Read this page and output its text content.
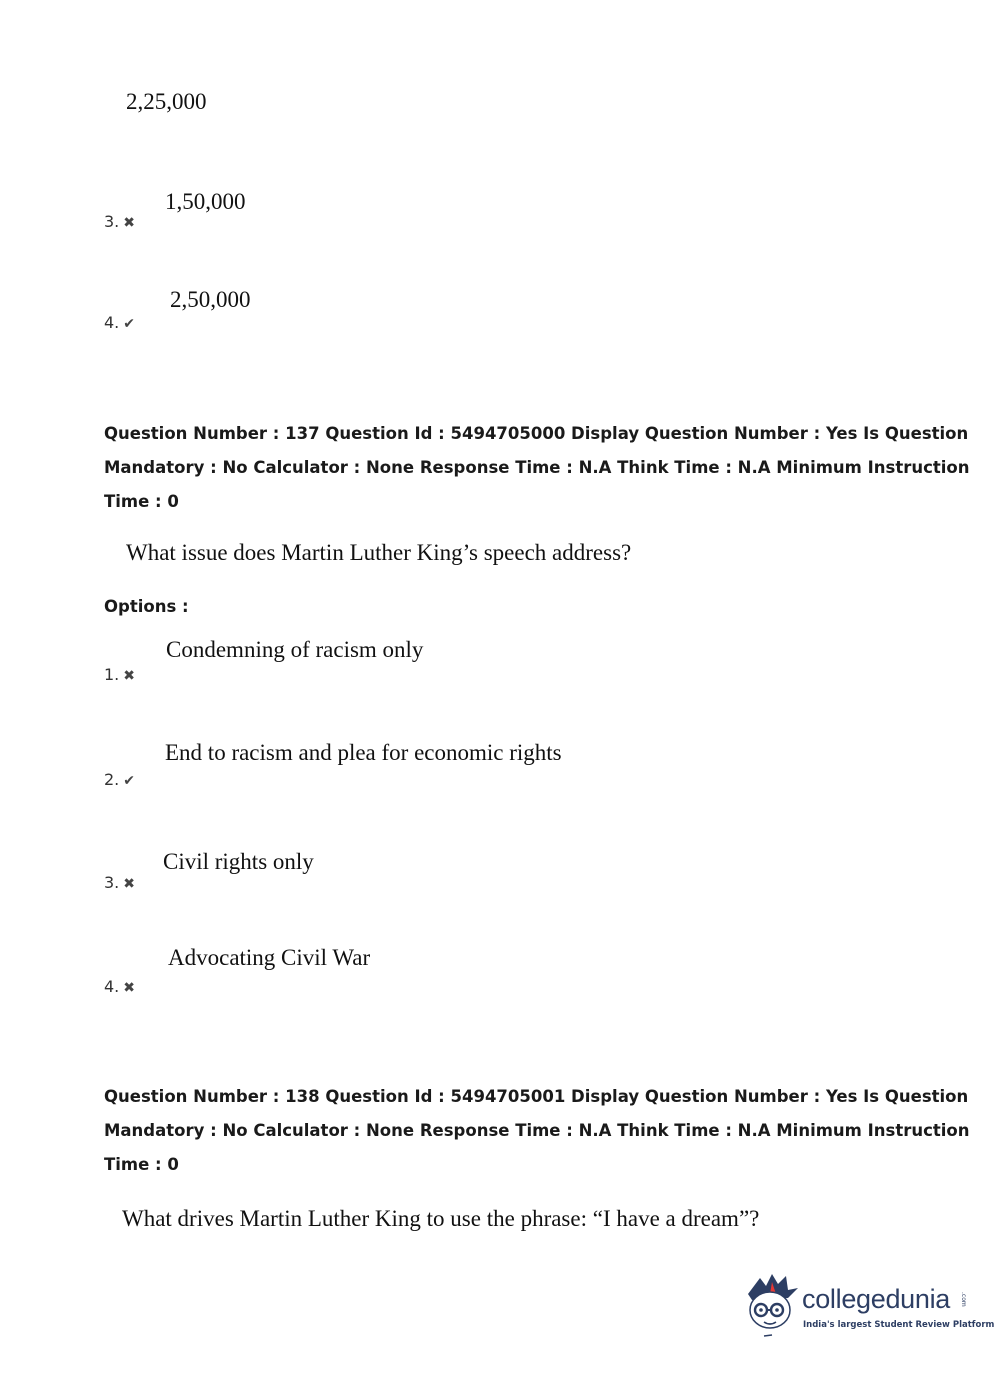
2,25,000
1,50,000
3. ✖
2,50,000
4. ✔
Question Number : 137 Question Id : 5494705000 Display Question Number : Yes Is Question
Mandatory : No Calculator : None Response Time : N.A Think Time : N.A Minimum Instruction
Time : 0
What issue does Martin Luther King’s speech address?
Options :
Condemning of racism only
1. ✖
End to racism and plea for economic rights
2. ✔
Civil rights only
3. ✖
Advocating Civil War
4. ✖
Question Number : 138 Question Id : 5494705001 Display Question Number : Yes Is Question
Mandatory : No Calculator : None Response Time : N.A Think Time : N.A Minimum Instruction
Time : 0
What drives Martin Luther King to use the phrase: “I have a dream”?
collegedunia .com
India's largest Student Review Platform
